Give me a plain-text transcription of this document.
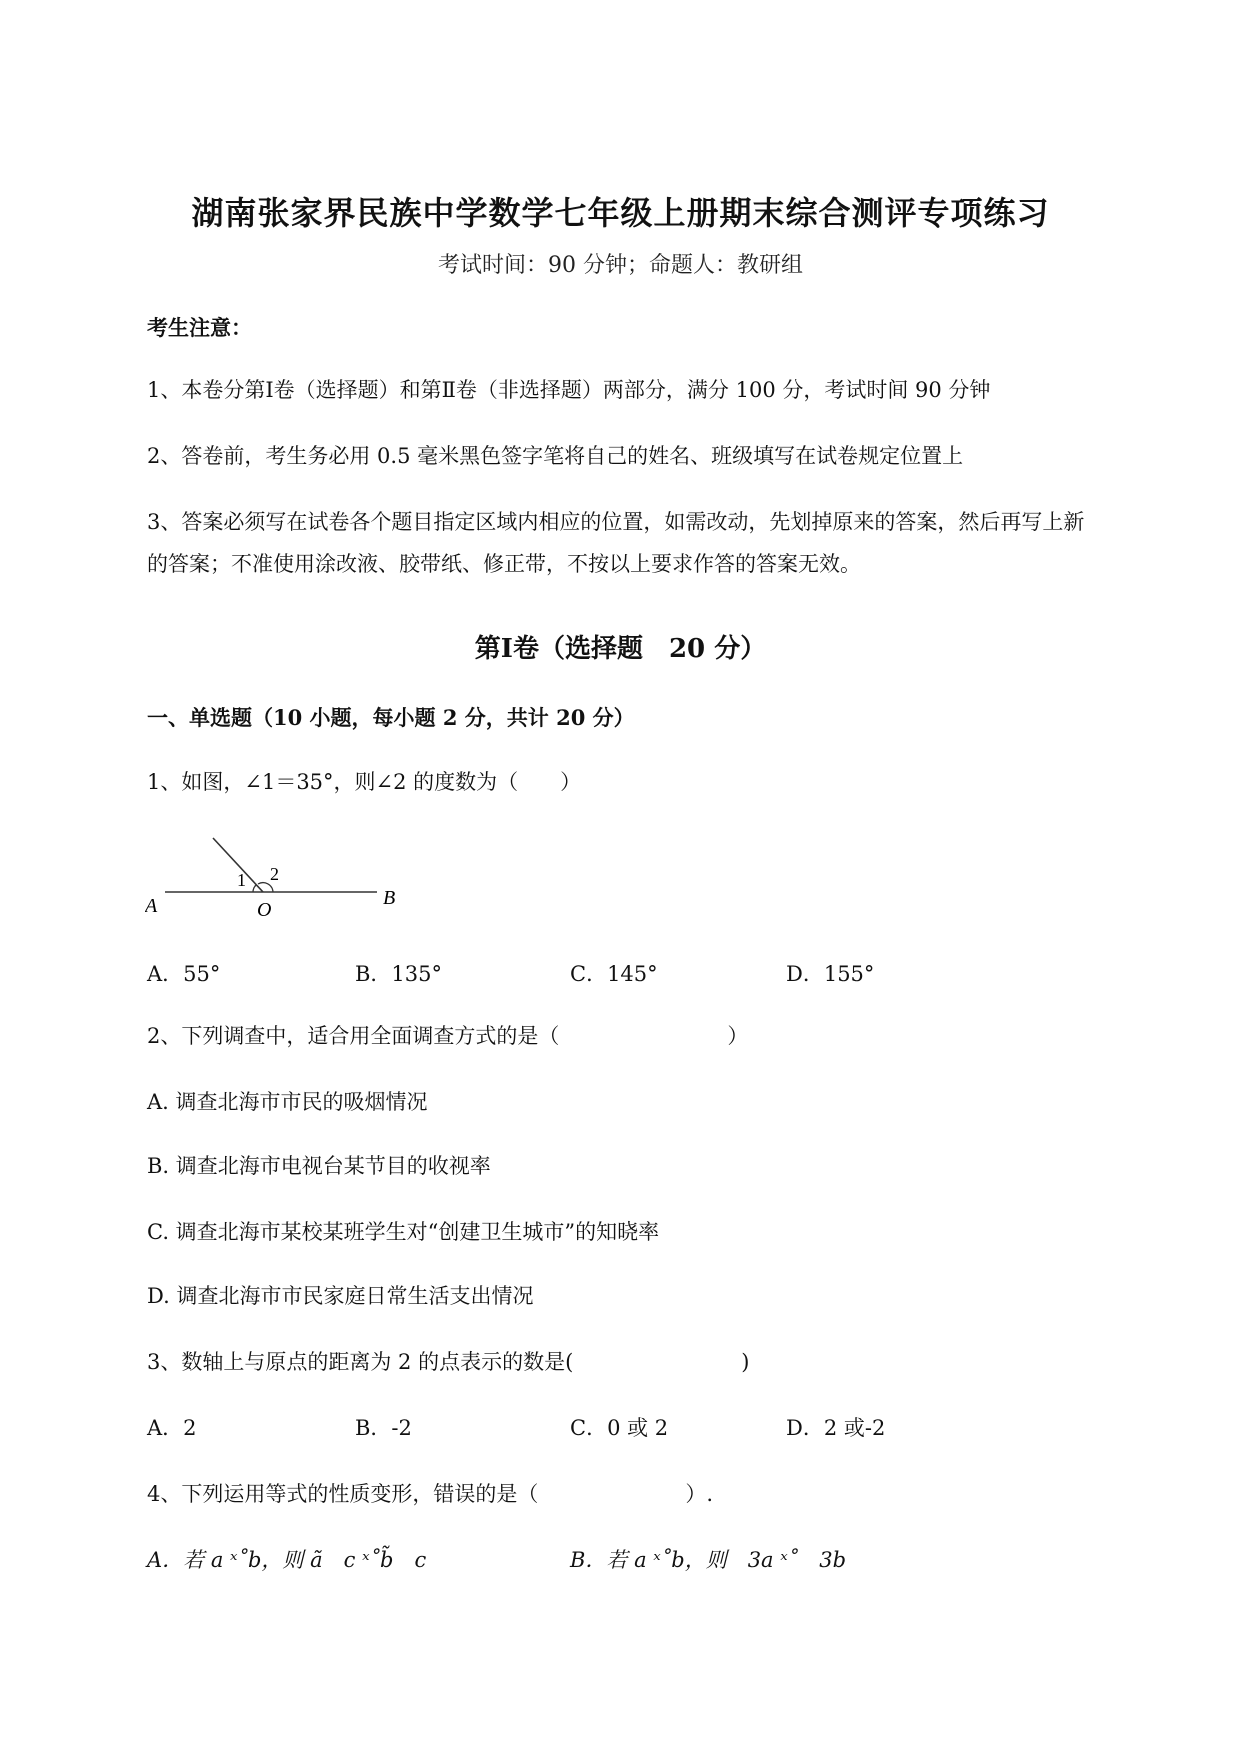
湖南张家界民族中学数学七年级上册期末综合测评专项练习
考试时间：90 分钟；命题人：教研组
考生注意：
1、本卷分第Ⅰ卷（选择题）和第Ⅱ卷（非选择题）两部分，满分 100 分，考试时间 90 分钟
2、答卷前，考生务必用 0.5 毫米黑色签字笔将自己的姓名、班级填写在试卷规定位置上
3、答案必须写在试卷各个题目指定区域内相应的位置，如需改动，先划掉原来的答案，然后再写上新
的答案；不准使用涂改液、胶带纸、修正带，不按以上要求作答的答案无效。
第Ⅰ卷（选择题　20 分）
一、单选题（10 小题，每小题 2 分，共计 20 分）
1、如图，∠1＝35°，则∠2 的度数为（　　）
A	B
O
1 2
A．55°	B．135°	C．145°	D．155°
2、下列调查中，适合用全面调查方式的是（　　　　　　　　）
A. 调查北海市市民的吸烟情况
B. 调查北海市电视台某节目的收视率
C. 调查北海市某校某班学生对“创建卫生城市”的知晓率
D. 调查北海市市民家庭日常生活支出情况
3、数轴上与原点的距离为 2 的点表示的数是(　　　　　　　　)
A．2	B．-2	C．0 或 2	D．2 或-2
4、下列运用等式的性质变形，错误的是（　　　　　　　）.
A．若 a ˣ˚b，则 ã　c ˣ˚b̃　c	B．若 a ˣ˚b，则　3a ˣ˚　3b
